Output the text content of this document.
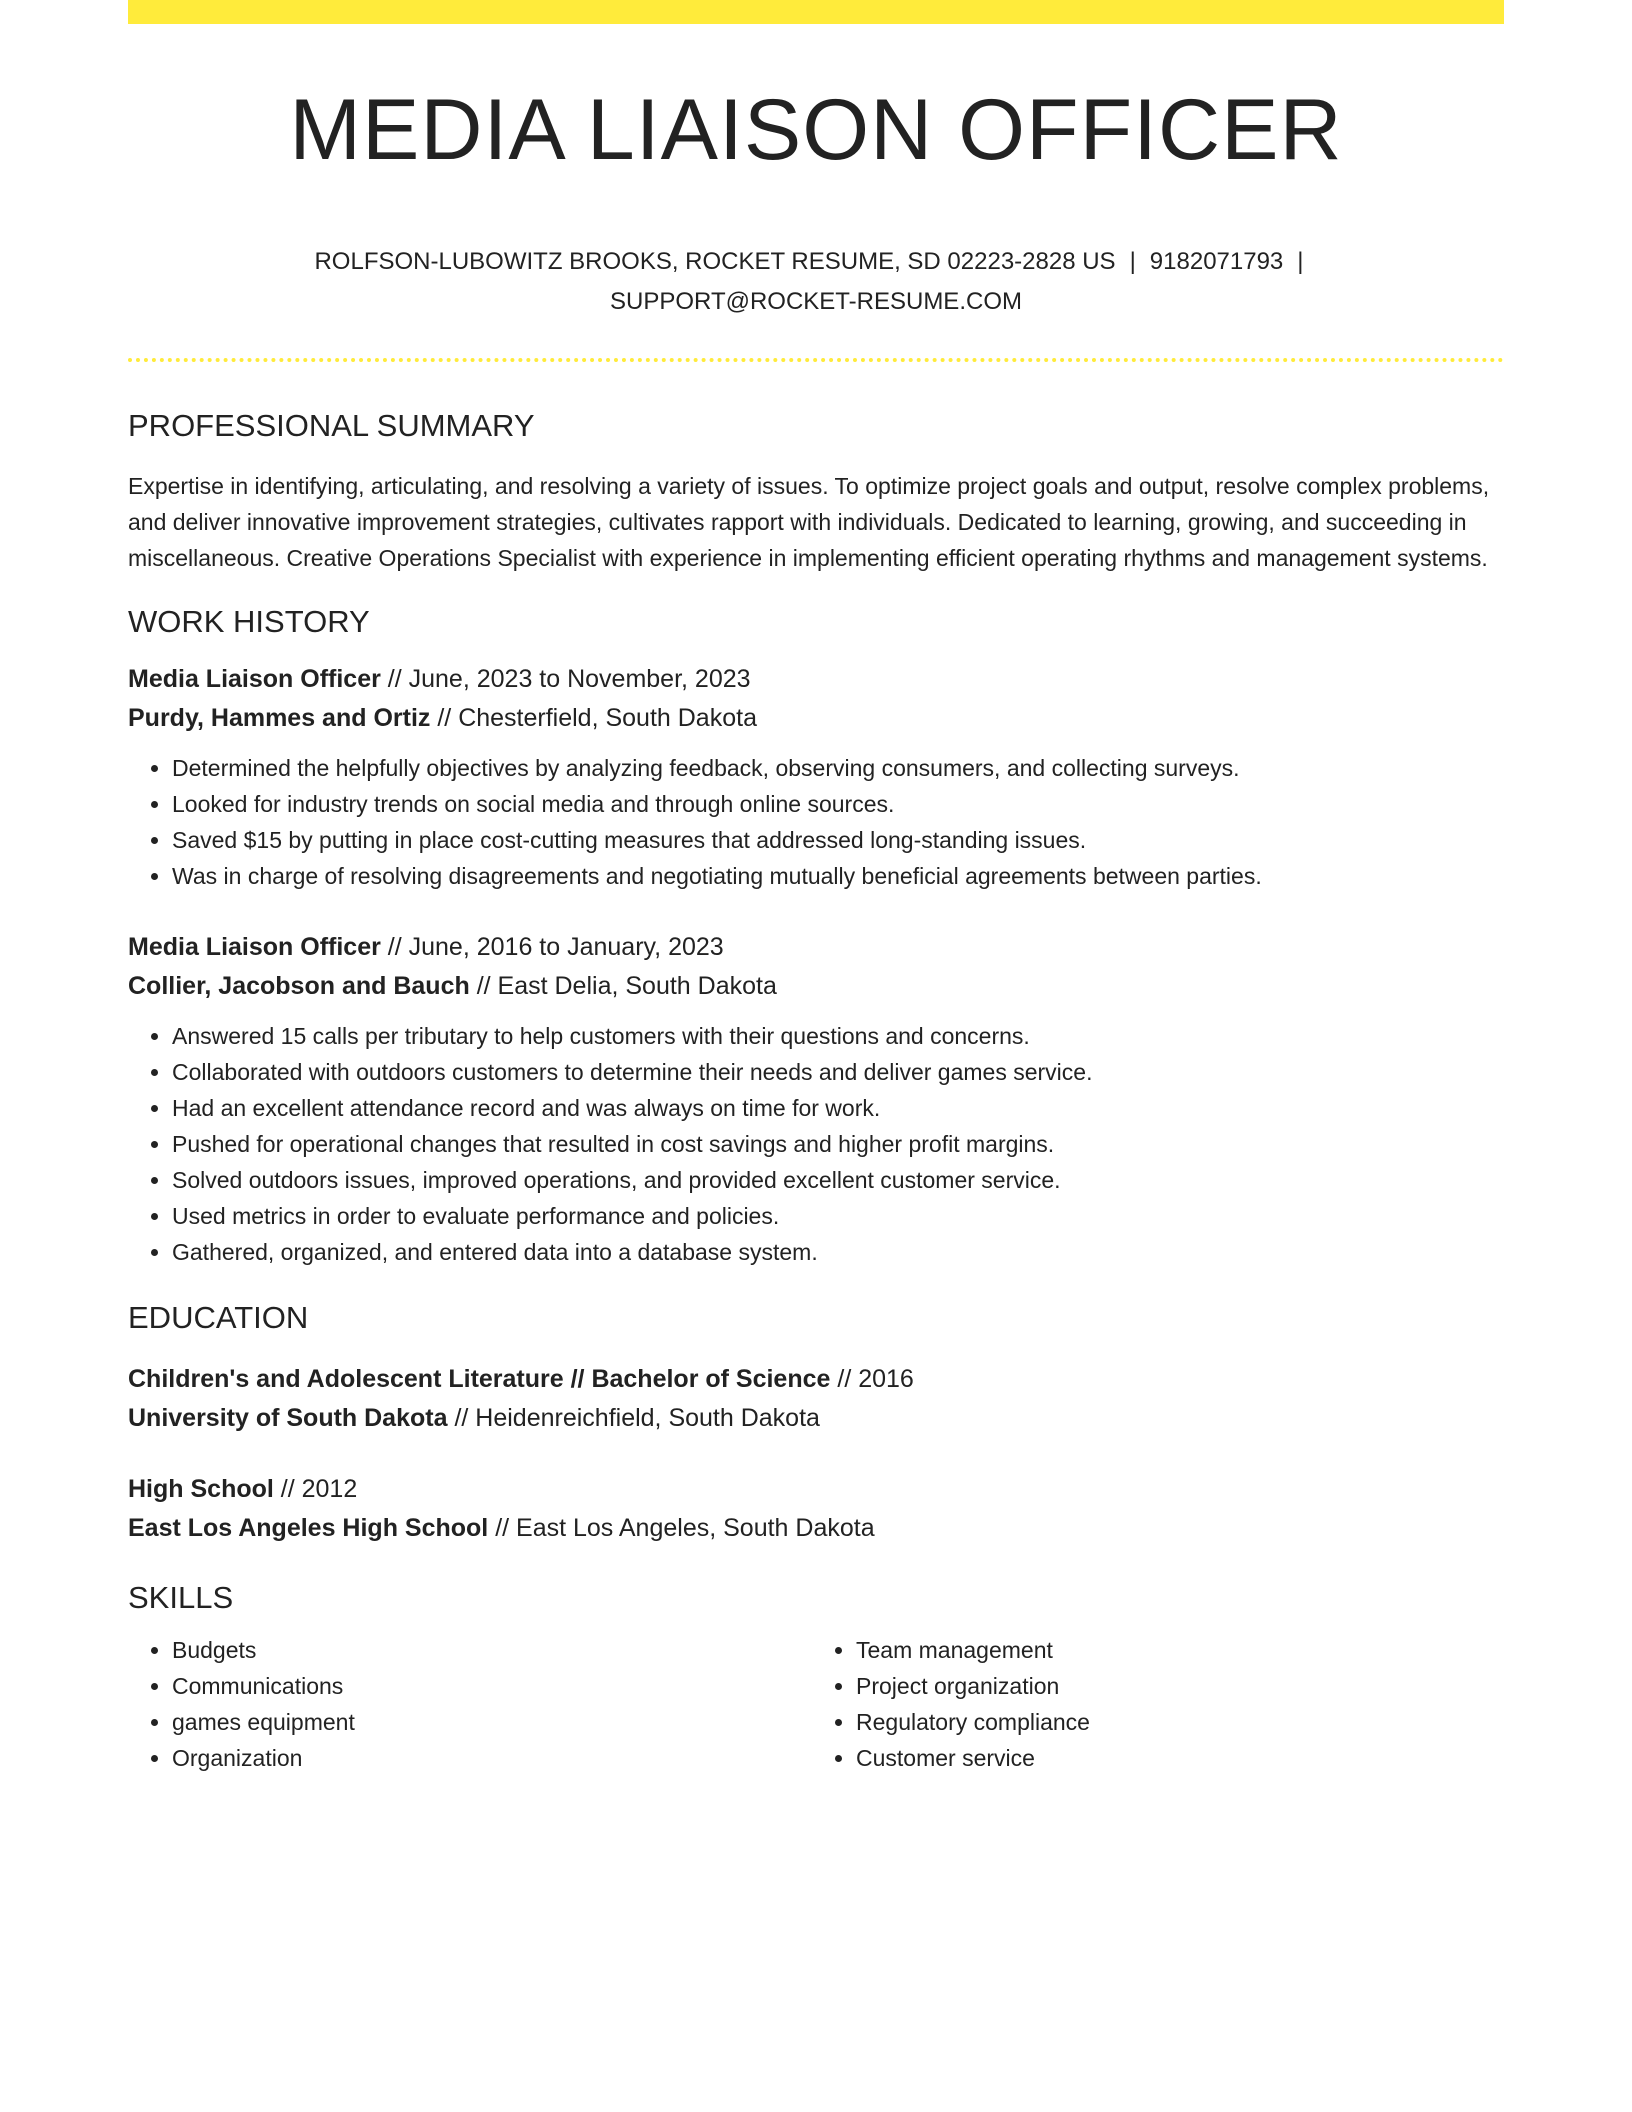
MEDIA LIAISON OFFICER
ROLFSON-LUBOWITZ BROOKS, ROCKET RESUME, SD 02223-2828 US | 9182071793 |
SUPPORT@ROCKET-RESUME.COM
PROFESSIONAL SUMMARY

Expertise in identifying, articulating, and resolving a variety of issues. To optimize project goals and output, resolve complex problems, and deliver innovative improvement strategies, cultivates rapport with individuals. Dedicated to learning, growing, and succeeding in miscellaneous. Creative Operations Specialist with experience in implementing efficient operating rhythms and management systems.

WORK HISTORY
Media Liaison Officer // June, 2023 to November, 2023
Purdy, Hammes and Ortiz // Chesterfield, South Dakota
• Determined the helpfully objectives by analyzing feedback, observing consumers, and collecting surveys.
• Looked for industry trends on social media and through online sources.
• Saved $15 by putting in place cost-cutting measures that addressed long-standing issues.
• Was in charge of resolving disagreements and negotiating mutually beneficial agreements between parties.
Media Liaison Officer // June, 2016 to January, 2023
Collier, Jacobson and Bauch // East Delia, South Dakota
• Answered 15 calls per tributary to help customers with their questions and concerns.
• Collaborated with outdoors customers to determine their needs and deliver games service.
• Had an excellent attendance record and was always on time for work.
• Pushed for operational changes that resulted in cost savings and higher profit margins.
• Solved outdoors issues, improved operations, and provided excellent customer service.
• Used metrics in order to evaluate performance and policies.
• Gathered, organized, and entered data into a database system.
EDUCATION
Children's and Adolescent Literature // Bachelor of Science // 2016
University of South Dakota // Heidenreichfield, South Dakota
High School // 2012
East Los Angeles High School // East Los Angeles, South Dakota
SKILLS
• Budgets
• Communications
• games equipment
• Organization
• Team management
• Project organization
• Regulatory compliance
• Customer service
